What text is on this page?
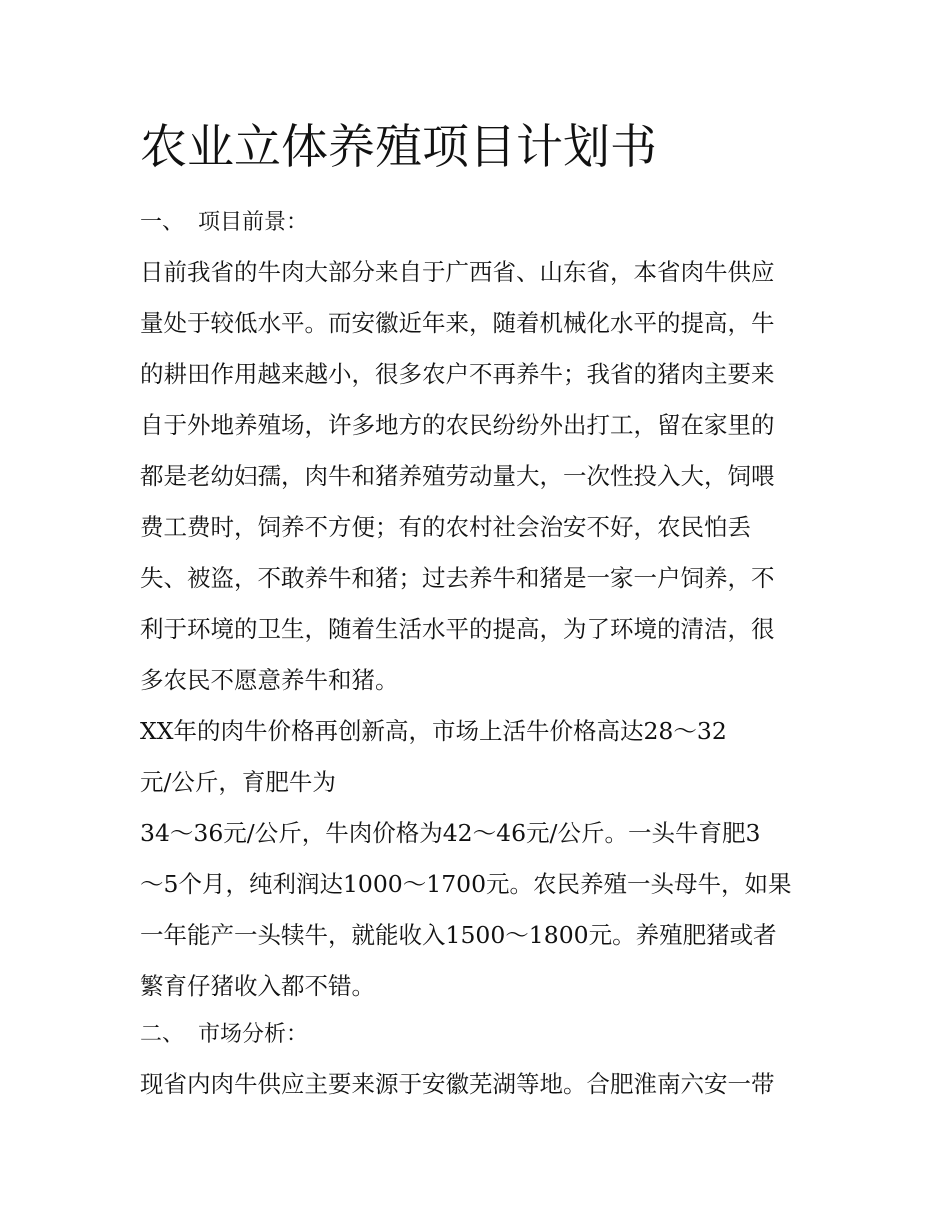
农业立体养殖项目计划书
一、 项目前景：
日前我省的牛肉大部分来自于广西省、山东省，本省肉牛供应
量处于较低水平。而安徽近年来，随着机械化水平的提高，牛
的耕田作用越来越小，很多农户不再养牛；我省的猪肉主要来
自于外地养殖场，许多地方的农民纷纷外出打工，留在家里的
都是老幼妇孺，肉牛和猪养殖劳动量大，一次性投入大，饲喂
费工费时，饲养不方便；有的农村社会治安不好，农民怕丢
失、被盗，不敢养牛和猪；过去养牛和猪是一家一户饲养，不
利于环境的卫生，随着生活水平的提高，为了环境的清洁，很
多农民不愿意养牛和猪。
XX年的肉牛价格再创新高，市场上活牛价格高达28～32
元/公斤，育肥牛为
34～36元/公斤，牛肉价格为42～46元/公斤。一头牛育肥3
～5个月，纯利润达1000～1700元。农民养殖一头母牛，如果
一年能产一头犊牛，就能收入1500～1800元。养殖肥猪或者
繁育仔猪收入都不错。
二、 市场分析：
现省内肉牛供应主要来源于安徽芜湖等地。合肥淮南六安一带
